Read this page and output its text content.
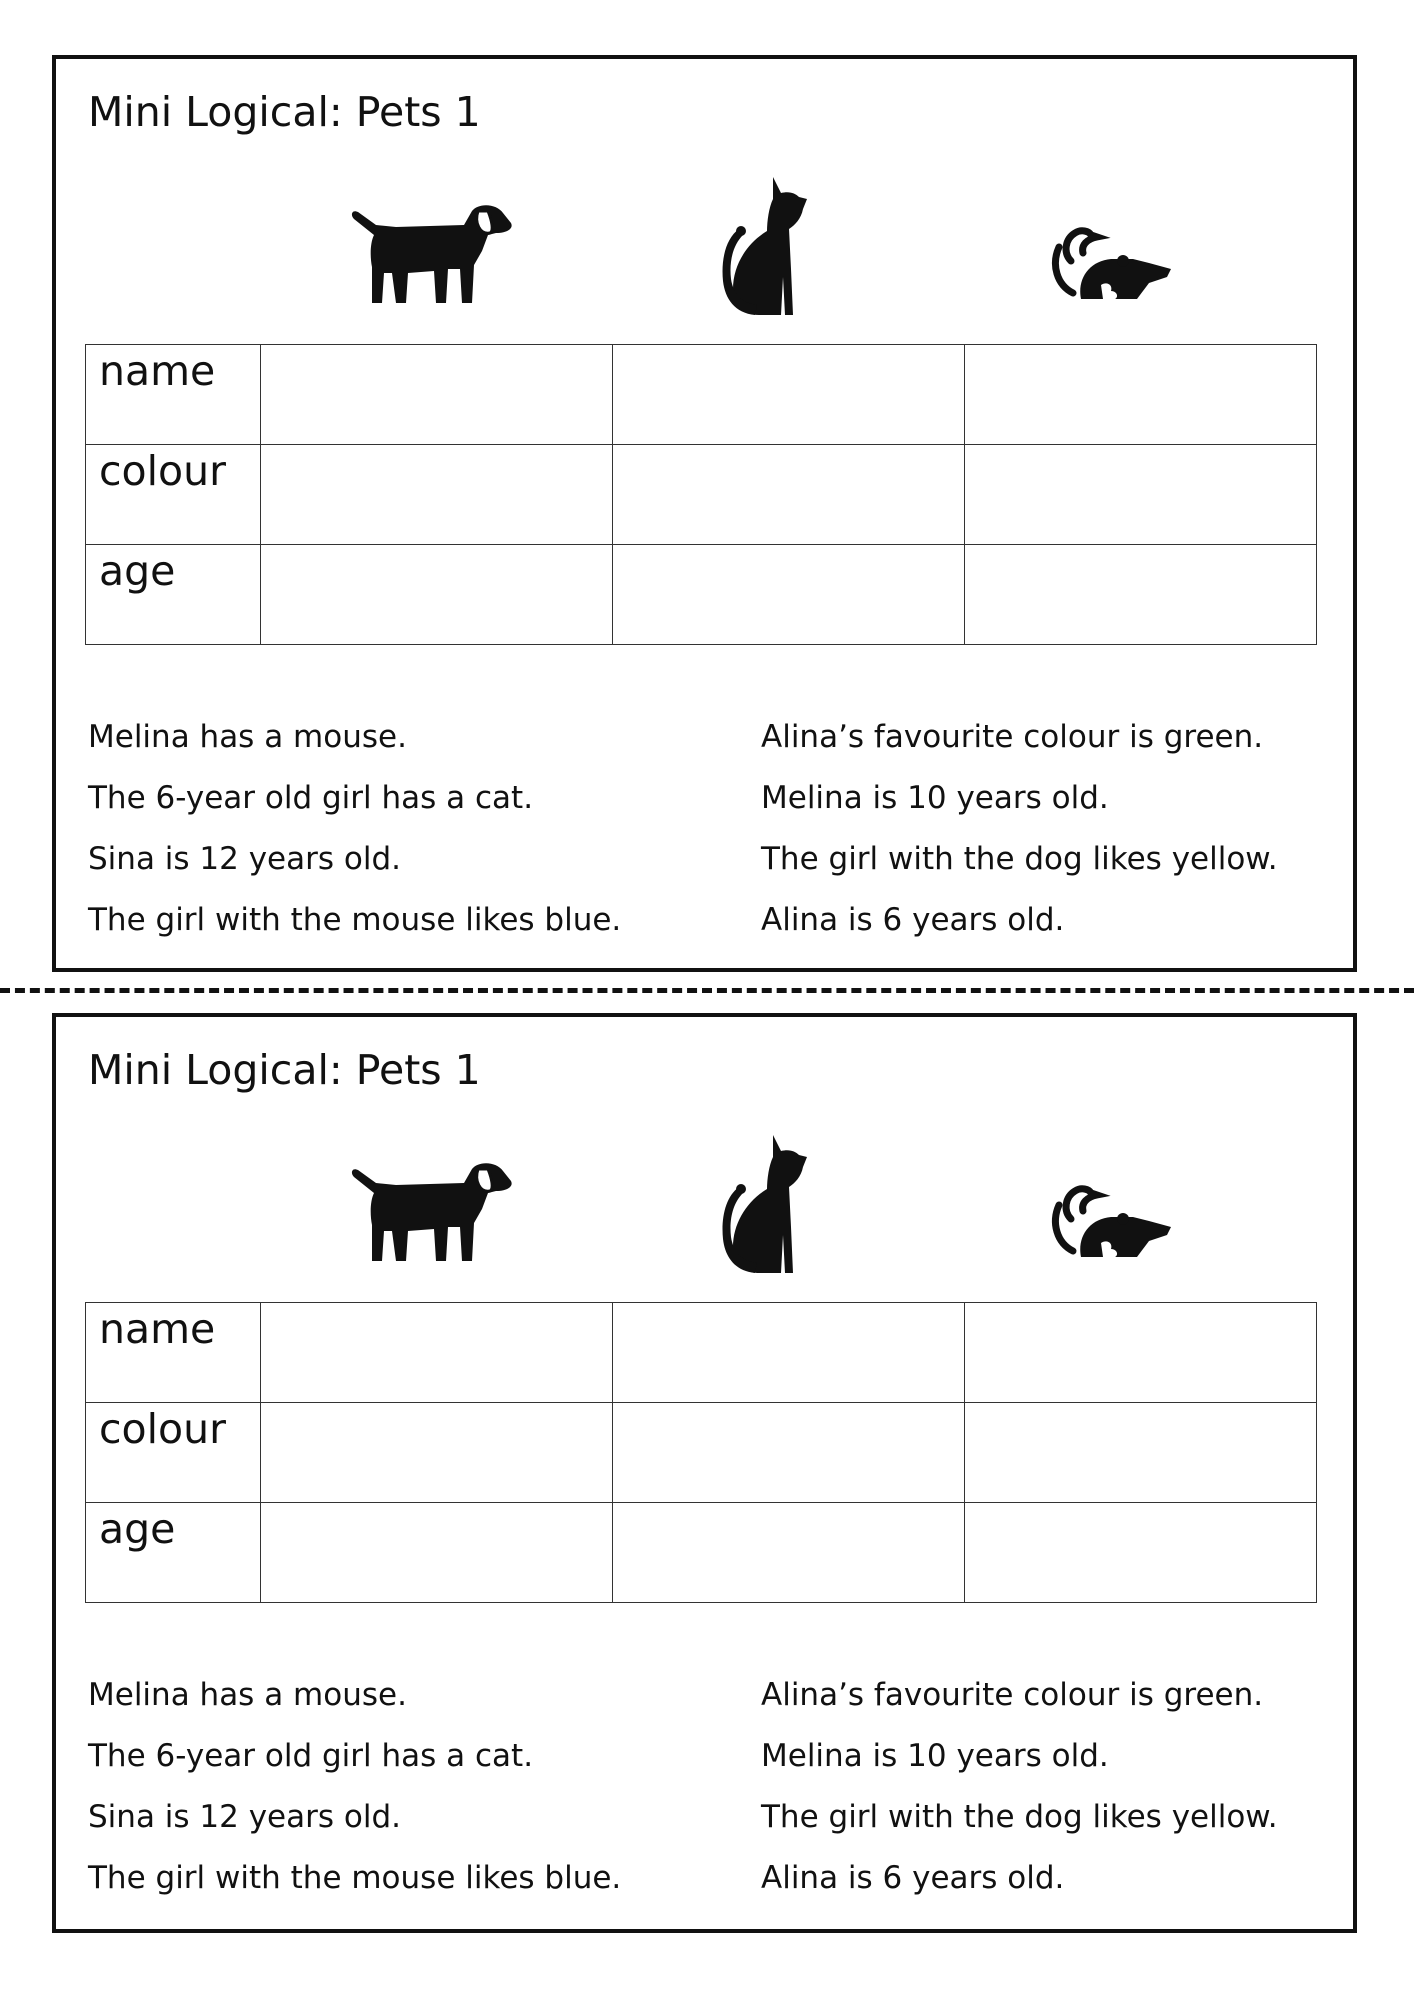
Mini Logical: Pets 1
name			
colour			
age			
Melina has a mouse.
The 6-year old girl has a cat.
Sina is 12 years old.
The girl with the mouse likes blue.
Alina’s favourite colour is green.
Melina is 10 years old.
The girl with the dog likes yellow.
Alina is 6 years old.
Mini Logical: Pets 1
name			
colour			
age			
Melina has a mouse.
The 6-year old girl has a cat.
Sina is 12 years old.
The girl with the mouse likes blue.
Alina’s favourite colour is green.
Melina is 10 years old.
The girl with the dog likes yellow.
Alina is 6 years old.
